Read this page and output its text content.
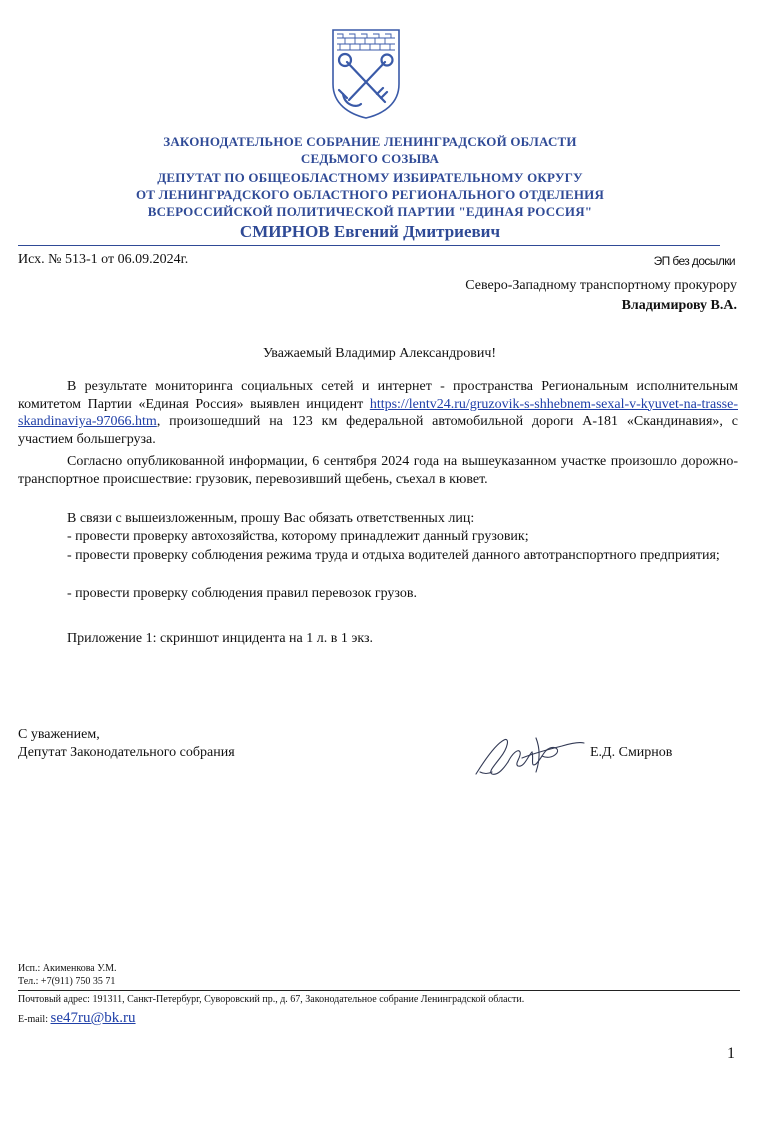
ЗАКОНОДАТЕЛЬНОЕ СОБРАНИЕ ЛЕНИНГРАДСКОЙ ОБЛАСТИ
СЕДЬМОГО СОЗЫВА
ДЕПУТАТ ПО ОБЩЕОБЛАСТНОМУ ИЗБИРАТЕЛЬНОМУ ОКРУГУ
ОТ ЛЕНИНГРАДСКОГО ОБЛАСТНОГО РЕГИОНАЛЬНОГО ОТДЕЛЕНИЯ
ВСЕРОССИЙСКОЙ ПОЛИТИЧЕСКОЙ ПАРТИИ "ЕДИНАЯ РОССИЯ"
СМИРНОВ Евгений Дмитриевич
Исх. № 513-1 от 06.09.2024г.	ЭП без досылки
Северо-Западному транспортному прокурору
Владимирову В.А.
Уважаемый Владимир Александрович!
В результате мониторинга социальных сетей и интернет - пространства Региональным исполнительным комитетом Партии «Единая Россия» выявлен инцидент https://lentv24.ru/gruzovik-s-shhebnem-sexal-v-kyuvet-na-trasse-skandinaviya-97066.htm, произошедший на 123 км федеральной автомобильной дороги А-181 «Скандинавия», с участием большегруза.
Согласно опубликованной информации, 6 сентября 2024 года на вышеуказанном участке произошло дорожно-транспортное происшествие: грузовик, перевозивший щебень, съехал в кювет.
В связи с вышеизложенным, прошу Вас обязать ответственных лиц:
- провести проверку автохозяйства, которому принадлежит данный грузовик;
- провести проверку соблюдения режима труда и отдыха водителей данного автотранспортного предприятия;
- провести проверку соблюдения правил перевозок грузов.
Приложение 1: скриншот инцидента на 1 л. в 1 экз.
С уважением,
Депутат Законодательного собрания	Е.Д. Смирнов
Исп.: Акименкова У.М.
Тел.: +7(911) 750 35 71
Почтовый адрес: 191311, Санкт-Петербург, Суворовский пр., д. 67, Законодательное собрание Ленинградской области.
E-mail: se47ru@bk.ru
1
